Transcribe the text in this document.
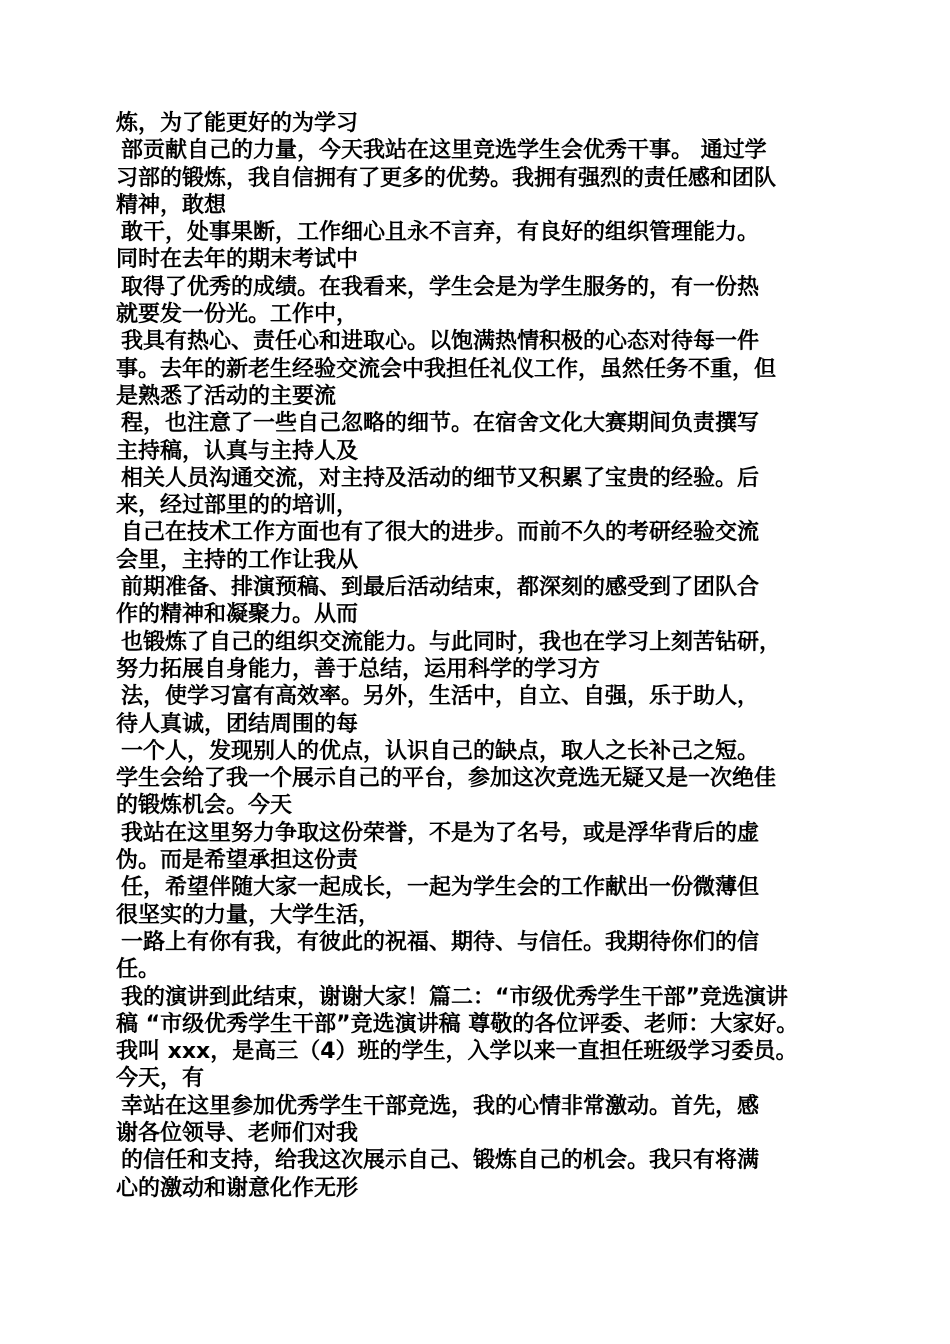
炼，为了能更好的为学习
部贡献自己的力量，今天我站在这里竞选学生会优秀干事。 通过学
习部的锻炼，我自信拥有了更多的优势。我拥有强烈的责任感和团队
精神，敢想
敢干，处事果断，工作细心且永不言弃，有良好的组织管理能力。
同时在去年的期末考试中
取得了优秀的成绩。在我看来，学生会是为学生服务的，有一份热
就要发一份光。工作中，
我具有热心、责任心和进取心。以饱满热情积极的心态对待每一件
事。去年的新老生经验交流会中我担任礼仪工作，虽然任务不重，但
是熟悉了活动的主要流
程，也注意了一些自己忽略的细节。在宿舍文化大赛期间负责撰写
主持稿，认真与主持人及
相关人员沟通交流，对主持及活动的细节又积累了宝贵的经验。后
来，经过部里的的培训，
自己在技术工作方面也有了很大的进步。而前不久的考研经验交流
会里，主持的工作让我从
前期准备、排演预稿、到最后活动结束，都深刻的感受到了团队合
作的精神和凝聚力。从而
也锻炼了自己的组织交流能力。与此同时，我也在学习上刻苦钻研，
努力拓展自身能力，善于总结，运用科学的学习方
法，使学习富有高效率。另外，生活中，自立、自强，乐于助人，
待人真诚，团结周围的每
一个人，发现别人的优点，认识自己的缺点，取人之长补己之短。
学生会给了我一个展示自己的平台，参加这次竞选无疑又是一次绝佳
的锻炼机会。今天
我站在这里努力争取这份荣誉，不是为了名号，或是浮华背后的虚
伪。而是希望承担这份责
任，希望伴随大家一起成长，一起为学生会的工作献出一份微薄但
很坚实的力量，大学生活，
一路上有你有我，有彼此的祝福、期待、与信任。我期待你们的信
任。
我的演讲到此结束，谢谢大家！篇二：“市级优秀学生干部”竞选演讲
稿 “市级优秀学生干部”竞选演讲稿 尊敬的各位评委、老师：大家好。
我叫 xxx，是高三（4）班的学生，入学以来一直担任班级学习委员。
今天，有
幸站在这里参加优秀学生干部竞选，我的心情非常激动。首先，感
谢各位领导、老师们对我
的信任和支持，给我这次展示自己、锻炼自己的机会。我只有将满
心的激动和谢意化作无形
